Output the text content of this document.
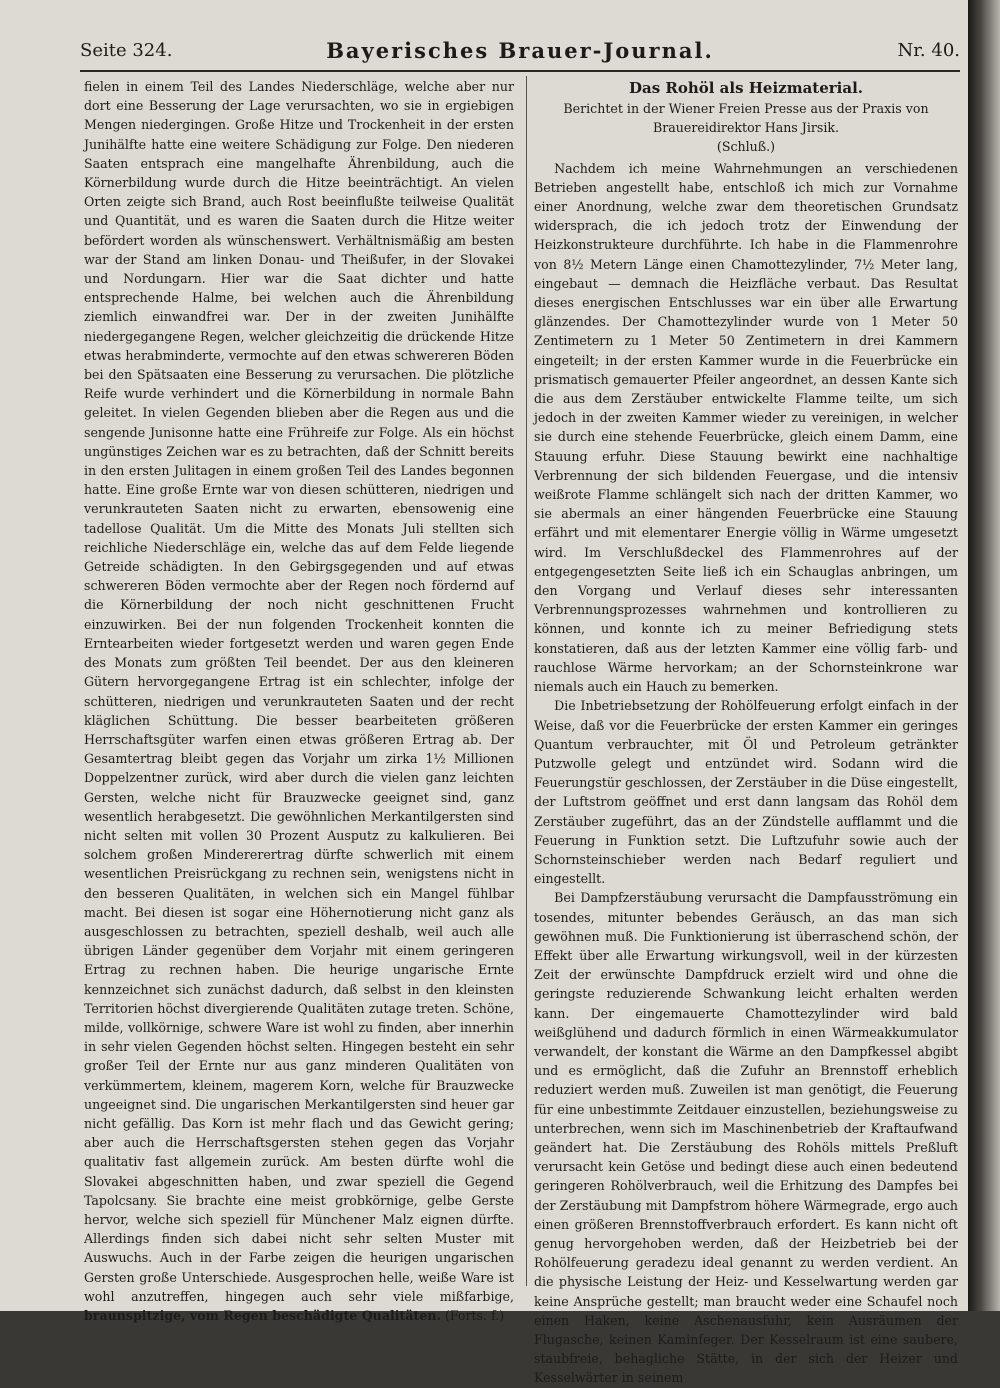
Seite 324.	Bayerisches Brauer-Journal.	Nr. 40.

fielen in einem Teil des Landes Niederschläge, welche aber nur dort eine Besserung der Lage verursachten, wo sie in ergiebigen Mengen niedergingen. Große Hitze und Trockenheit in der ersten Junihälfte hatte eine weitere Schädigung zur Folge. Den niederen Saaten entsprach eine mangelhafte Ährenbildung, auch die Körnerbildung wurde durch die Hitze beeinträchtigt. An vielen Orten zeigte sich Brand, auch Rost beeinflußte teilweise Qualität und Quantität, und es waren die Saaten durch die Hitze weiter befördert worden als wünschenswert. Verhältnismäßig am besten war der Stand am linken Donau- und Theißufer, in der Slovakei und Nordungarn. Hier war die Saat dichter und hatte entsprechende Halme, bei welchen auch die Ährenbildung ziemlich einwandfrei war. Der in der zweiten Junihälfte niedergegangene Regen, welcher gleichzeitig die drückende Hitze etwas herabminderte, vermochte auf den etwas schwereren Böden bei den Spätsaaten eine Besserung zu verursachen. Die plötzliche Reife wurde verhindert und die Körnerbildung in normale Bahn geleitet. In vielen Gegenden blieben aber die Regen aus und die sengende Junisonne hatte eine Frühreife zur Folge. Als ein höchst ungünstiges Zeichen war es zu betrachten, daß der Schnitt bereits in den ersten Julitagen in einem großen Teil des Landes begonnen hatte. Eine große Ernte war von diesen schütteren, niedrigen und verunkrauteten Saaten nicht zu erwarten, ebensowenig eine tadellose Qualität. Um die Mitte des Monats Juli stellten sich reichliche Niederschläge ein, welche das auf dem Felde liegende Getreide schädigten. In den Gebirgsgegenden und auf etwas schwereren Böden vermochte aber der Regen noch fördernd auf die Körnerbildung der noch nicht geschnittenen Frucht einzuwirken. Bei der nun folgenden Trockenheit konnten die Erntearbeiten wieder fortgesetzt werden und waren gegen Ende des Monats zum größten Teil beendet. Der aus den kleineren Gütern hervorgegangene Ertrag ist ein schlechter, infolge der schütteren, niedrigen und verunkrauteten Saaten und der recht kläglichen Schüttung. Die besser bearbeiteten größeren Herrschaftsgüter warfen einen etwas größeren Ertrag ab. Der Gesamtertrag bleibt gegen das Vorjahr um zirka 1½ Millionen Doppelzentner zurück, wird aber durch die vielen ganz leichten Gersten, welche nicht für Brauzwecke geeignet sind, ganz wesentlich herabgesetzt. Die gewöhnlichen Merkantilgersten sind nicht selten mit vollen 30 Prozent Ausputz zu kalkulieren. Bei solchem großen Mindererertrag dürfte schwerlich mit einem wesentlichen Preisrückgang zu rechnen sein, wenigstens nicht in den besseren Qualitäten, in welchen sich ein Mangel fühlbar macht. Bei diesen ist sogar eine Höhernotierung nicht ganz als ausgeschlossen zu betrachten, speziell deshalb, weil auch alle übrigen Länder gegenüber dem Vorjahr mit einem geringeren Ertrag zu rechnen haben. Die heurige ungarische Ernte kennzeichnet sich zunächst dadurch, daß selbst in den kleinsten Territorien höchst divergierende Qualitäten zutage treten. Schöne, milde, vollkörnige, schwere Ware ist wohl zu finden, aber innerhin in sehr vielen Gegenden höchst selten. Hingegen besteht ein sehr großer Teil der Ernte nur aus ganz minderen Qualitäten von verkümmertem, kleinem, magerem Korn, welche für Brauzwecke ungeeignet sind. Die ungarischen Merkantilgersten sind heuer gar nicht gefällig. Das Korn ist mehr flach und das Gewicht gering; aber auch die Herrschaftsgersten stehen gegen das Vorjahr qualitativ fast allgemein zurück. Am besten dürfte wohl die Slovakei abgeschnitten haben, und zwar speziell die Gegend Tapolcsany. Sie brachte eine meist grobkörnige, gelbe Gerste hervor, welche sich speziell für Münchener Malz eignen dürfte. Allerdings finden sich dabei nicht sehr selten Muster mit Auswuchs. Auch in der Farbe zeigen die heurigen ungarischen Gersten große Unterschiede. Ausgesprochen helle, weiße Ware ist wohl anzutreffen, hingegen auch sehr viele mißfarbige, braunspitzige, vom Regen beschädigte Qualitäten. (Forts. f.)

Das Rohöl als Heizmaterial.
Berichtet in der Wiener Freien Presse aus der Praxis von Brauereidirektor Hans Jirsik.
(Schluß.)

Nachdem ich meine Wahrnehmungen an verschiedenen Betrieben angestellt habe, entschloß ich mich zur Vornahme einer Anordnung, welche zwar dem theoretischen Grundsatz widersprach, die ich jedoch trotz der Einwendung der Heizkonstrukteure durchführte. Ich habe in die Flammenrohre von 8½ Metern Länge einen Chamottezylinder, 7½ Meter lang, eingebaut — demnach die Heizfläche verbaut. Das Resultat dieses energischen Entschlusses war ein über alle Erwartung glänzendes. Der Chamottezylinder wurde von 1 Meter 50 Zentimetern zu 1 Meter 50 Zentimetern in drei Kammern eingeteilt; in der ersten Kammer wurde in die Feuerbrücke ein prismatisch gemauerter Pfeiler angeordnet, an dessen Kante sich die aus dem Zerstäuber entwickelte Flamme teilte, um sich jedoch in der zweiten Kammer wieder zu vereinigen, in welcher sie durch eine stehende Feuerbrücke, gleich einem Damm, eine Stauung erfuhr. Diese Stauung bewirkt eine nachhaltige Verbrennung der sich bildenden Feuergase, und die intensiv weißrote Flamme schlängelt sich nach der dritten Kammer, wo sie abermals an einer hängenden Feuerbrücke eine Stauung erfährt und mit elementarer Energie völlig in Wärme umgesetzt wird. Im Verschlußdeckel des Flammenrohres auf der entgegengesetzten Seite ließ ich ein Schauglas anbringen, um den Vorgang und Verlauf dieses sehr interessanten Verbrennungsprozesses wahrnehmen und kontrollieren zu können, und konnte ich zu meiner Befriedigung stets konstatieren, daß aus der letzten Kammer eine völlig farb- und rauchlose Wärme hervorkam; an der Schornsteinkrone war niemals auch ein Hauch zu bemerken.

Die Inbetriebsetzung der Rohölfeuerung erfolgt einfach in der Weise, daß vor die Feuerbrücke der ersten Kammer ein geringes Quantum verbrauchter, mit Öl und Petroleum getränkter Putzwolle gelegt und entzündet wird. Sodann wird die Feuerungstür geschlossen, der Zerstäuber in die Düse eingestellt, der Luftstrom geöffnet und erst dann langsam das Rohöl dem Zerstäuber zugeführt, das an der Zündstelle aufflammt und die Feuerung in Funktion setzt. Die Luftzufuhr sowie auch der Schornsteinschieber werden nach Bedarf reguliert und eingestellt.

Bei Dampfzerstäubung verursacht die Dampfausströmung ein tosendes, mitunter bebendes Geräusch, an das man sich gewöhnen muß. Die Funktionierung ist überraschend schön, der Effekt über alle Erwartung wirkungsvoll, weil in der kürzesten Zeit der erwünschte Dampfdruck erzielt wird und ohne die geringste reduzierende Schwankung leicht erhalten werden kann. Der eingemauerte Chamottezylinder wird bald weißglühend und dadurch förmlich in einen Wärmeakkumulator verwandelt, der konstant die Wärme an den Dampfkessel abgibt und es ermöglicht, daß die Zufuhr an Brennstoff erheblich reduziert werden muß. Zuweilen ist man genötigt, die Feuerung für eine unbestimmte Zeitdauer einzustellen, beziehungsweise zu unterbrechen, wenn sich im Maschinenbetrieb der Kraftaufwand geändert hat. Die Zerstäubung des Rohöls mittels Preßluft verursacht kein Getöse und bedingt diese auch einen bedeutend geringeren Rohölverbrauch, weil die Erhitzung des Dampfes bei der Zerstäubung mit Dampfstrom höhere Wärmegrade, ergo auch einen größeren Brennstoffverbrauch erfordert. Es kann nicht oft genug hervorgehoben werden, daß der Heizbetrieb bei der Rohölfeuerung geradezu ideal genannt zu werden verdient. An die physische Leistung der Heiz- und Kesselwartung werden gar keine Ansprüche gestellt; man braucht weder eine Schaufel noch einen Haken, keine Aschenausfuhr, kein Ausräumen der Flugasche, keinen Kaminfeger. Der Kesselraum ist eine saubere, staubfreie, behagliche Stätte, in der sich der Heizer und Kesselwärter in seinem
